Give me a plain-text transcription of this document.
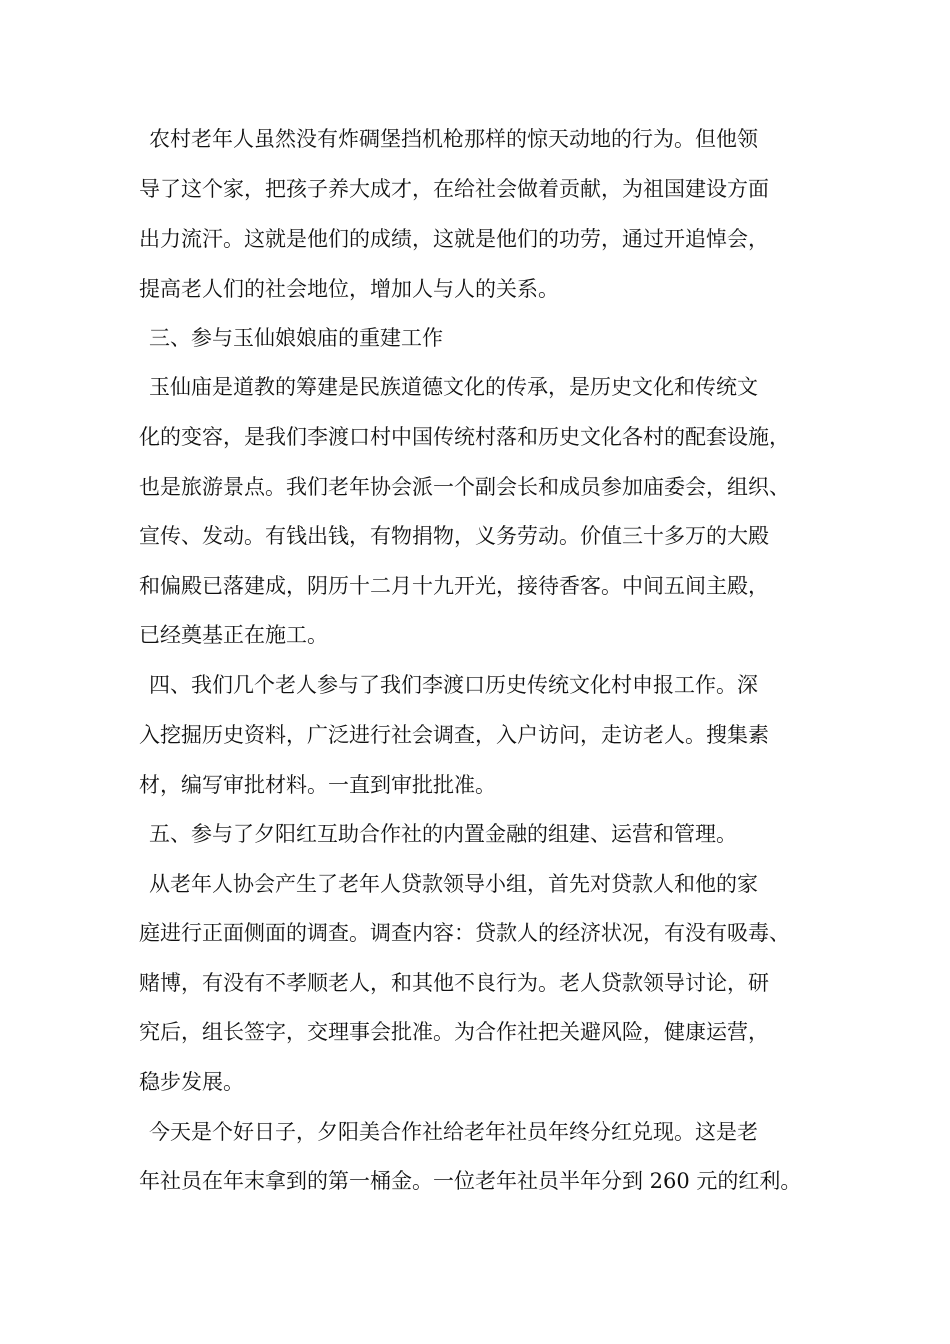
农村老年人虽然没有炸碉堡挡机枪那样的惊天动地的行为。但他领
导了这个家，把孩子养大成才，在给社会做着贡献，为祖国建设方面
出力流汗。这就是他们的成绩，这就是他们的功劳，通过开追悼会，
提高老人们的社会地位，增加人与人的关系。
三、参与玉仙娘娘庙的重建工作
玉仙庙是道教的筹建是民族道德文化的传承，是历史文化和传统文
化的变容，是我们李渡口村中国传统村落和历史文化各村的配套设施，
也是旅游景点。我们老年协会派一个副会长和成员参加庙委会，组织、
宣传、发动。有钱出钱，有物捐物，义务劳动。价值三十多万的大殿
和偏殿已落建成，阴历十二月十九开光，接待香客。中间五间主殿，
已经奠基正在施工。
四、我们几个老人参与了我们李渡口历史传统文化村申报工作。深
入挖掘历史资料，广泛进行社会调查，入户访问，走访老人。搜集素
材，编写审批材料。一直到审批批准。
五、参与了夕阳红互助合作社的内置金融的组建、运营和管理。
从老年人协会产生了老年人贷款领导小组，首先对贷款人和他的家
庭进行正面侧面的调查。调查内容：贷款人的经济状况，有没有吸毒、
赌博，有没有不孝顺老人，和其他不良行为。老人贷款领导讨论，研
究后，组长签字，交理事会批准。为合作社把关避风险，健康运营，
稳步发展。
今天是个好日子，夕阳美合作社给老年社员年终分红兑现。这是老
年社员在年末拿到的第一桶金。一位老年社员半年分到 260 元的红利。
